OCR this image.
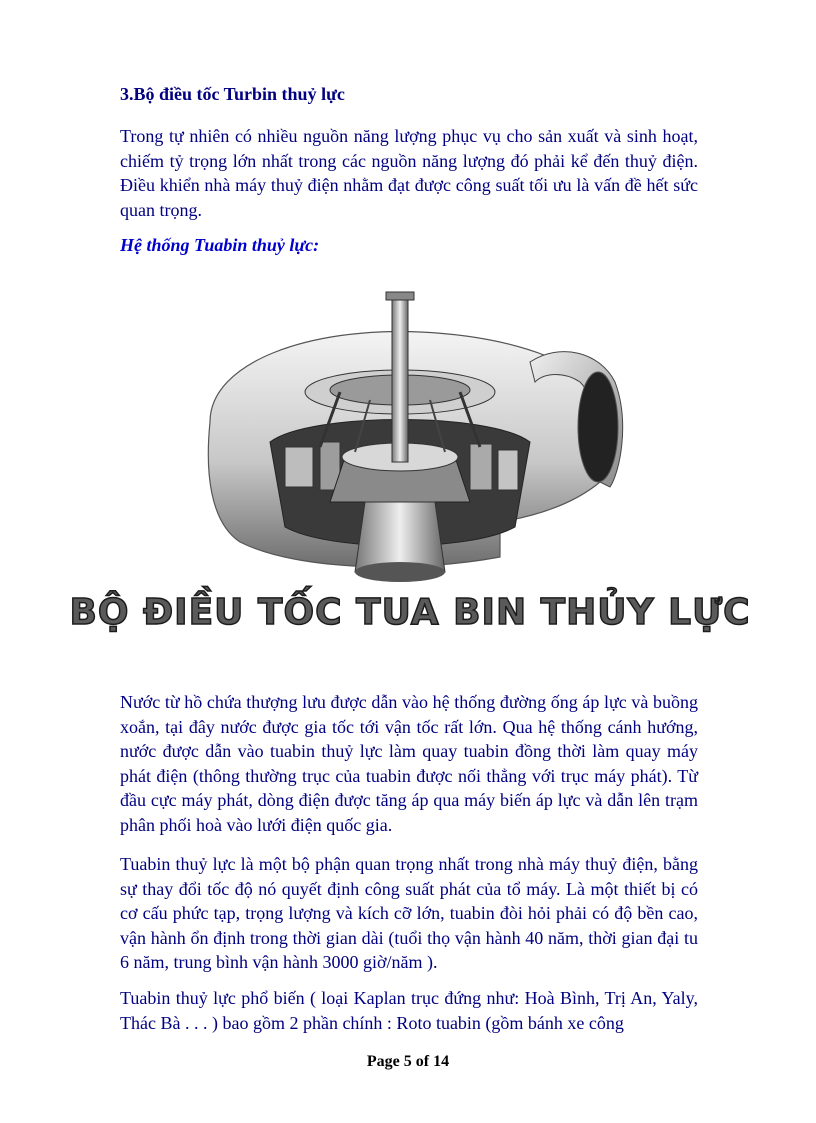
3.Bộ điều tốc Turbin thuỷ lực

Trong tự nhiên có nhiều nguồn năng lượng phục vụ cho sản xuất và sinh hoạt, chiếm tỷ trọng lớn nhất trong các nguồn năng lượng đó phải kể đến thuỷ điện. Điều khiển nhà máy thuỷ điện nhằm đạt được công suất tối ưu là vấn đề hết sức quan trọng.

Hệ thống Tuabin thuỷ lực:
BỘ ĐIỀU TỐC TUA BIN THỦY LỰC

Nước từ hồ chứa thượng lưu được dẫn vào hệ thống đường ống áp lực và buồng xoắn, tại đây nước được gia tốc tới vận tốc rất lớn. Qua hệ thống cánh hướng, nước được dẫn vào tuabin thuỷ lực làm quay tuabin đồng thời làm quay máy phát điện (thông thường trục của tuabin được nối thẳng với trục máy phát). Từ đầu cực máy phát, dòng điện được tăng áp qua máy biến áp lực và dẫn lên trạm phân phối hoà vào lưới điện quốc gia.

Tuabin thuỷ lực là một bộ phận quan trọng nhất trong nhà máy thuỷ điện, bằng sự thay đổi tốc độ nó quyết định công suất phát của tổ máy. Là một thiết bị có cơ cấu phức tạp, trọng lượng và kích cỡ lớn, tuabin đòi hỏi phải có độ bền cao, vận hành ổn định trong thời gian dài (tuổi thọ vận hành 40 năm, thời gian đại tu 6 năm, trung bình vận hành 3000 giờ/năm ).

Tuabin thuỷ lực phổ biến ( loại Kaplan trục đứng như: Hoà Bình, Trị An, Yaly, Thác Bà . . . ) bao gồm 2 phần chính : Roto tuabin (gồm bánh xe công

Page 5 of 14
